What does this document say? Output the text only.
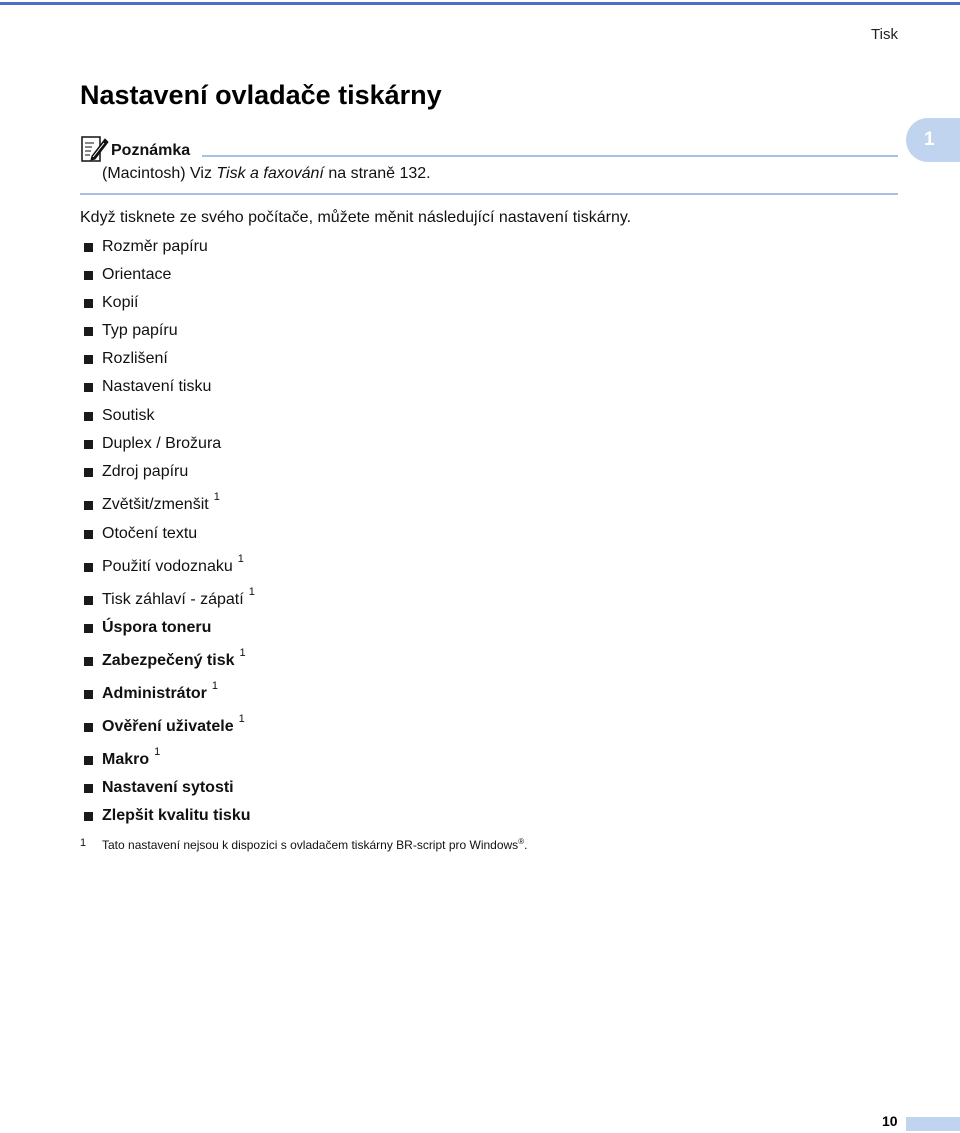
Tisk
Nastavení ovladače tiskárny
1
Poznámka
(Macintosh) Viz Tisk a faxování na straně 132.
Když tisknete ze svého počítače, můžete měnit následující nastavení tiskárny.
Rozměr papíru
Orientace
Kopií
Typ papíru
Rozlišení
Nastavení tisku
Soutisk
Duplex / Brožura
Zdroj papíru
Zvětšit/zmenšit 1
Otočení textu
Použití vodoznaku 1
Tisk záhlaví - zápatí 1
Úspora toneru
Zabezpečený tisk 1
Administrátor 1
Ověření uživatele 1
Makro 1
Nastavení sytosti
Zlepšit kvalitu tisku
1 Tato nastavení nejsou k dispozici s ovladačem tiskárny BR-script pro Windows®.
10
